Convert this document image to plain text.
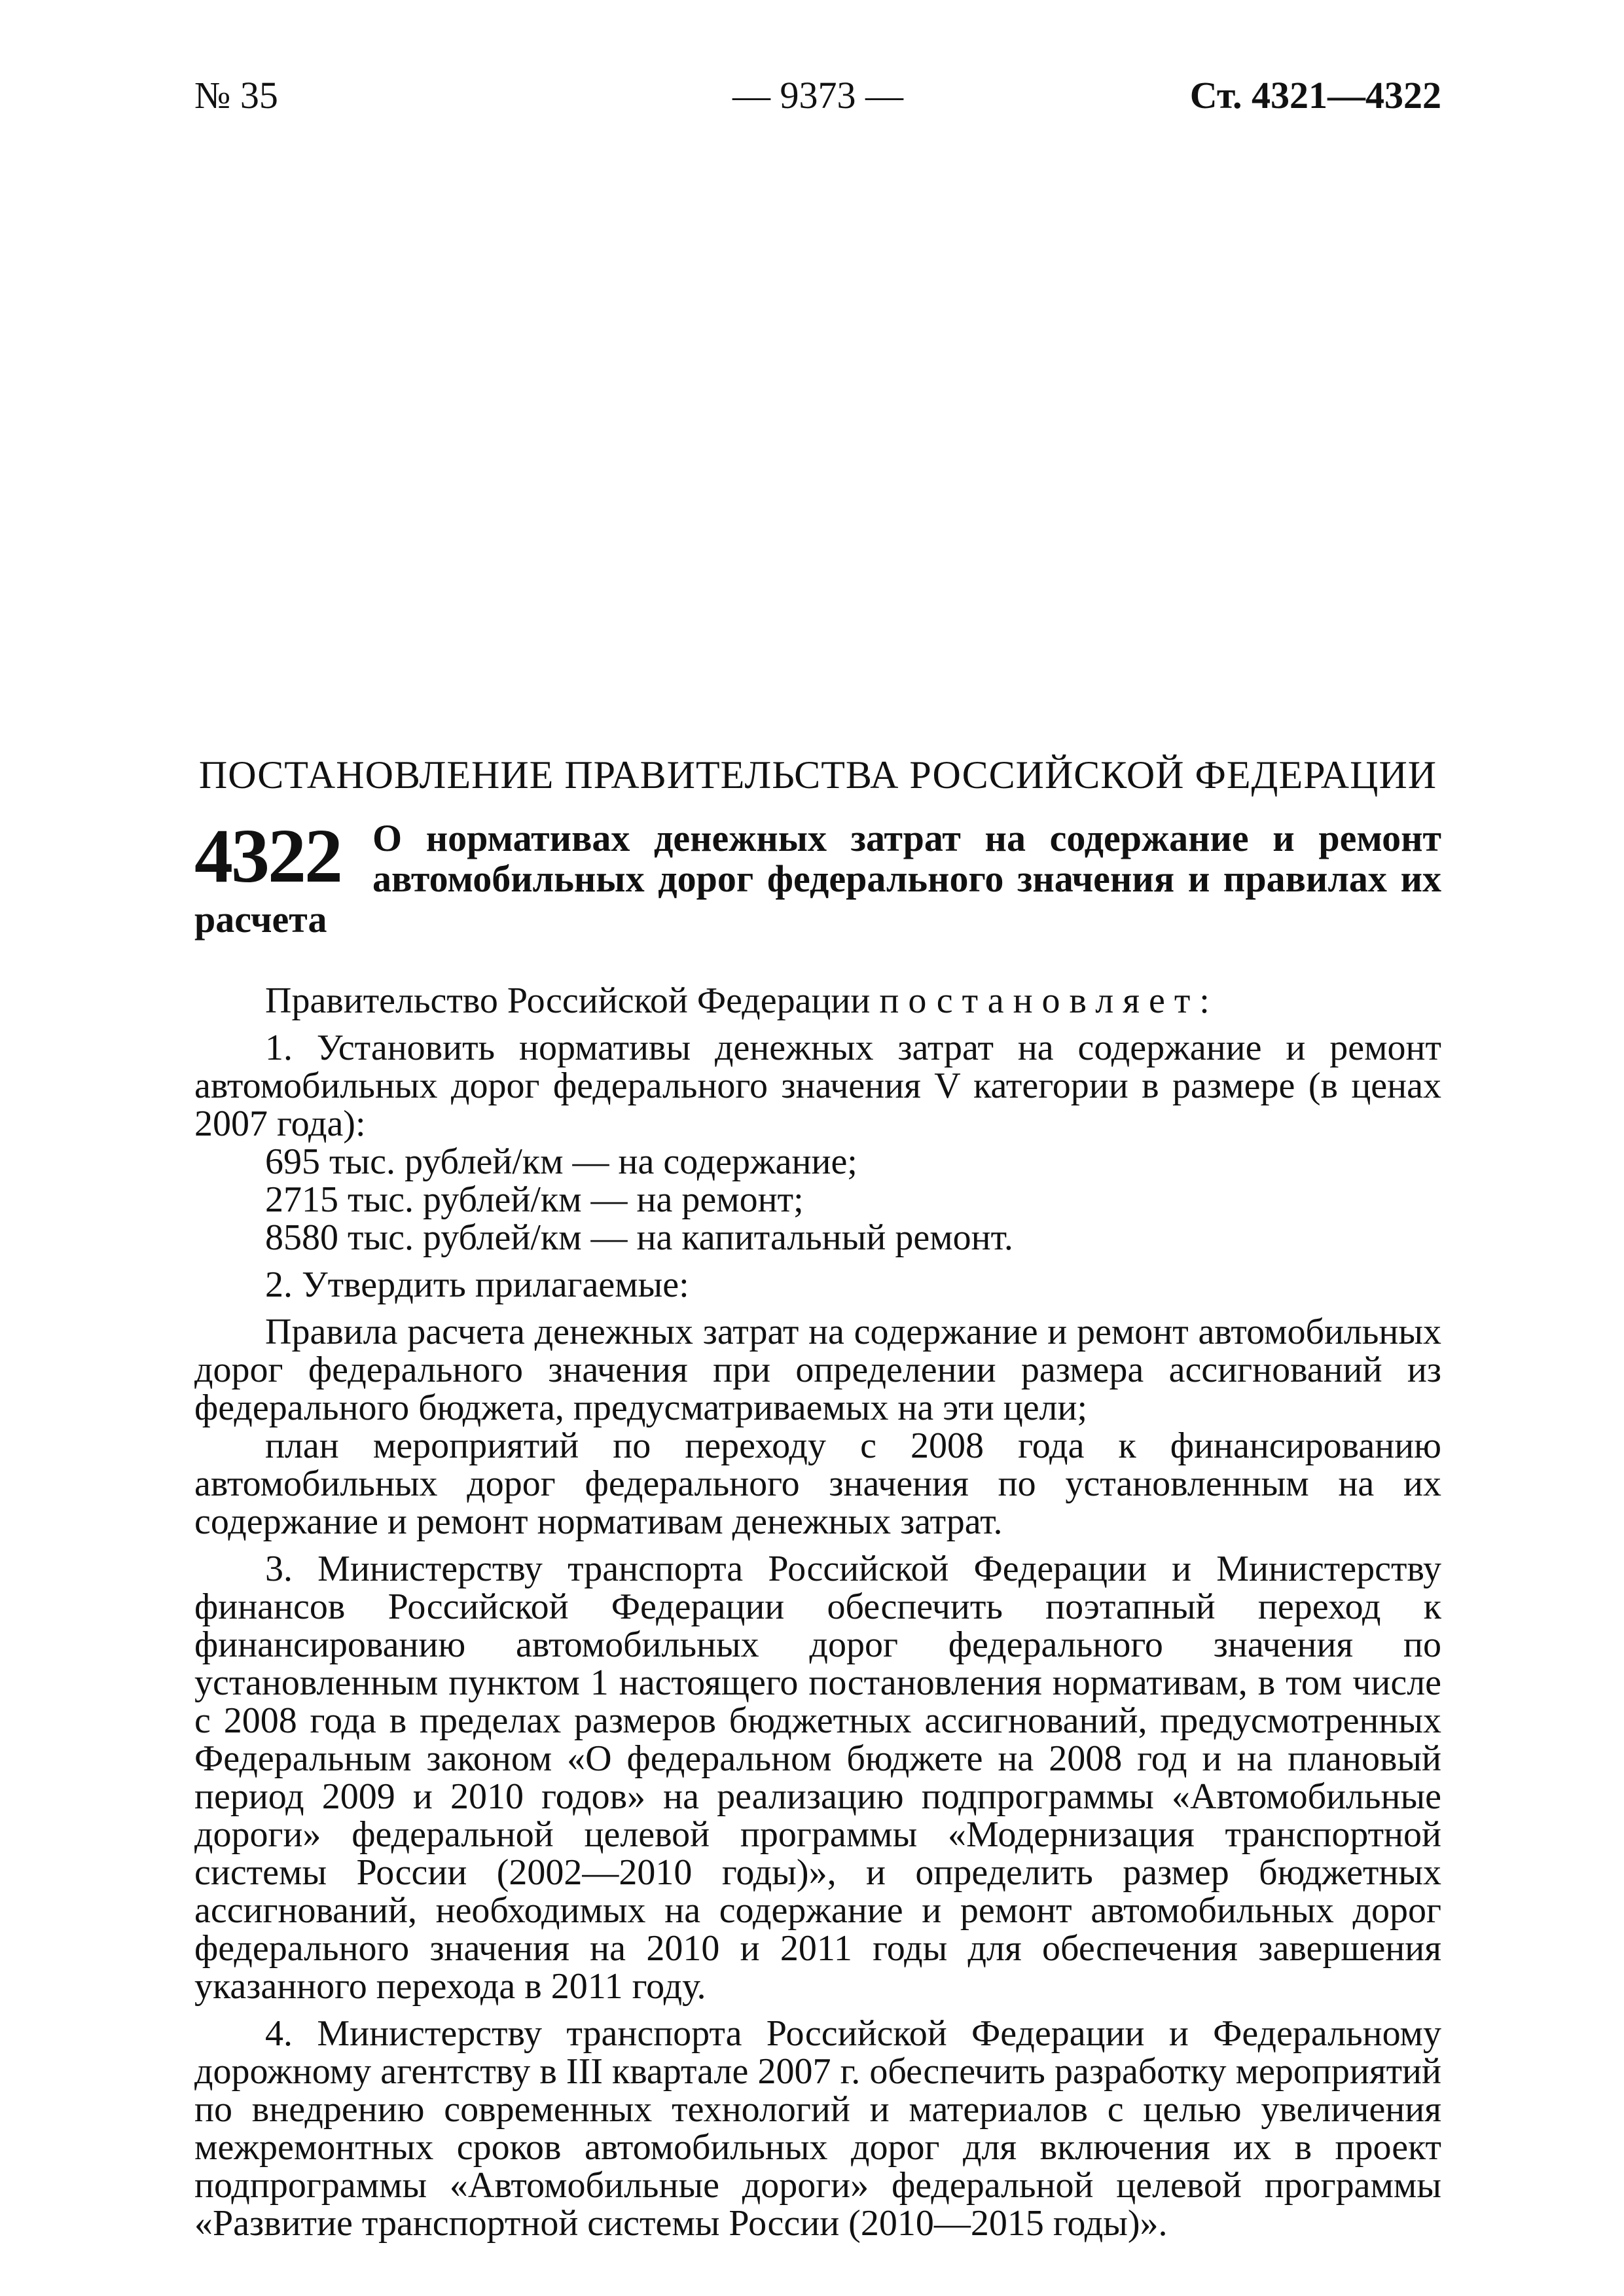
№ 35	— 9373 —	Ст. 4321—4322
ПОСТАНОВЛЕНИЕ ПРАВИТЕЛЬСТВА РОССИЙСКОЙ ФЕДЕРАЦИИ
4322 О нормативах денежных затрат на содержание и ремонт автомобильных дорог федерального значения и правилах их расчета

Правительство Российской Федерации постановляет:

1. Установить нормативы денежных затрат на содержание и ремонт автомобильных дорог федерального значения V категории в размере (в ценах 2007 года):

695 тыс. рублей/км — на содержание;

2715 тыс. рублей/км — на ремонт;

8580 тыс. рублей/км — на капитальный ремонт.

2. Утвердить прилагаемые:

Правила расчета денежных затрат на содержание и ремонт автомобильных дорог федерального значения при определении размера ассигнований из федерального бюджета, предусматриваемых на эти цели;

план мероприятий по переходу с 2008 года к финансированию автомобильных дорог федерального значения по установленным на их содержание и ремонт нормативам денежных затрат.

3. Министерству транспорта Российской Федерации и Министерству финансов Российской Федерации обеспечить поэтапный переход к финансированию автомобильных дорог федерального значения по установленным пунктом 1 настоящего постановления нормативам, в том числе с 2008 года в пределах размеров бюджетных ассигнований, предусмотренных Федеральным законом «О федеральном бюджете на 2008 год и на плановый период 2009 и 2010 годов» на реализацию подпрограммы «Автомобильные дороги» федеральной целевой программы «Модернизация транспортной системы России (2002—2010 годы)», и определить размер бюджетных ассигнований, необходимых на содержание и ремонт автомобильных дорог федерального значения на 2010 и 2011 годы для обеспечения завершения указанного перехода в 2011 году.

4. Министерству транспорта Российской Федерации и Федеральному дорожному агентству в III квартале 2007 г. обеспечить разработку мероприятий по внедрению современных технологий и материалов с целью увеличения межремонтных сроков автомобильных дорог для включения их в проект подпрограммы «Автомобильные дороги» федеральной целевой программы «Развитие транспортной системы России (2010—2015 годы)».
